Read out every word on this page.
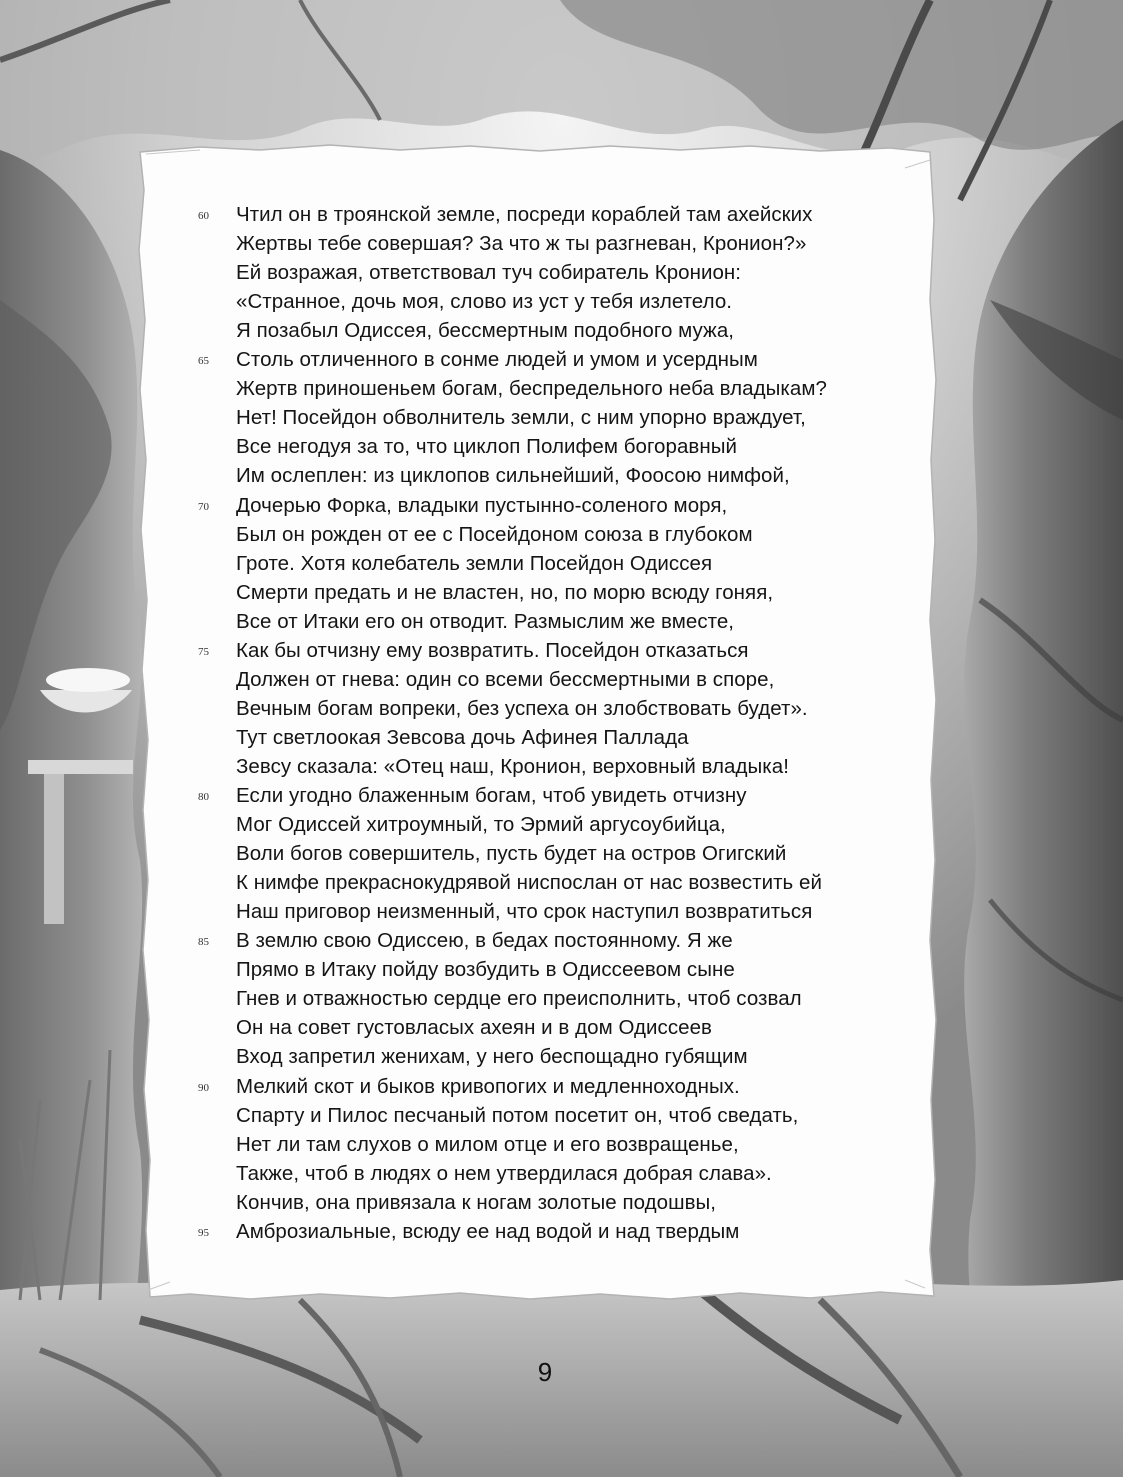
60	Чтил он в троянской земле, посреди кораблей там ахейских
Жертвы тебе совершая? За что ж ты разгневан, Кронион?»
Ей возражая, ответствовал туч собиратель Кронион:
«Странное, дочь моя, слово из уст у тебя излетело.
Я позабыл Одиссея, бессмертным подобного мужа,
65	Столь отличенного в сонме людей и умом и усердным
Жертв приношеньем богам, беспредельного неба владыкам?
Нет! Посейдон обволнитель земли, с ним упорно враждует,
Все негодуя за то, что циклоп Полифем богоравный
Им ослеплен: из циклопов сильнейший, Фоосою нимфой,
70	Дочерью Форка, владыки пустынно-соленого моря,
Был он рожден от ее с Посейдоном союза в глубоком
Гроте. Хотя колебатель земли Посейдон Одиссея
Смерти предать и не властен, но, по морю всюду гоняя,
Все от Итаки его он отводит. Размыслим же вместе,
75	Как бы отчизну ему возвратить. Посейдон отказаться
Должен от гнева: один со всеми бессмертными в споре,
Вечным богам вопреки, без успеха он злобствовать будет».
Тут светлоокая Зевсова дочь Афинея Паллада
Зевсу сказала: «Отец наш, Кронион, верховный владыка!
80	Если угодно блаженным богам, чтоб увидеть отчизну
Мог Одиссей хитроумный, то Эрмий аргусоубийца,
Воли богов совершитель, пусть будет на остров Огигский
К нимфе прекраснокудрявой ниспослан от нас возвестить ей
Наш приговор неизменный, что срок наступил возвратиться
85	В землю свою Одиссею, в бедах постоянному. Я же
Прямо в Итаку пойду возбудить в Одиссеевом сыне
Гнев и отважностью сердце его преисполнить, чтоб созвал
Он на совет густовласых ахеян и в дом Одиссеев
Вход запретил женихам, у него беспощадно губящим
90	Мелкий скот и быков кривопогих и медленноходных.
Спарту и Пилос песчаный потом посетит он, чтоб сведать,
Нет ли там слухов о милом отце и его возвращенье,
Также, чтоб в людях о нем утвердилася добрая слава».
Кончив, она привязала к ногам золотые подошвы,
95	Амброзиальные, всюду ее над водой и над твердым
9
